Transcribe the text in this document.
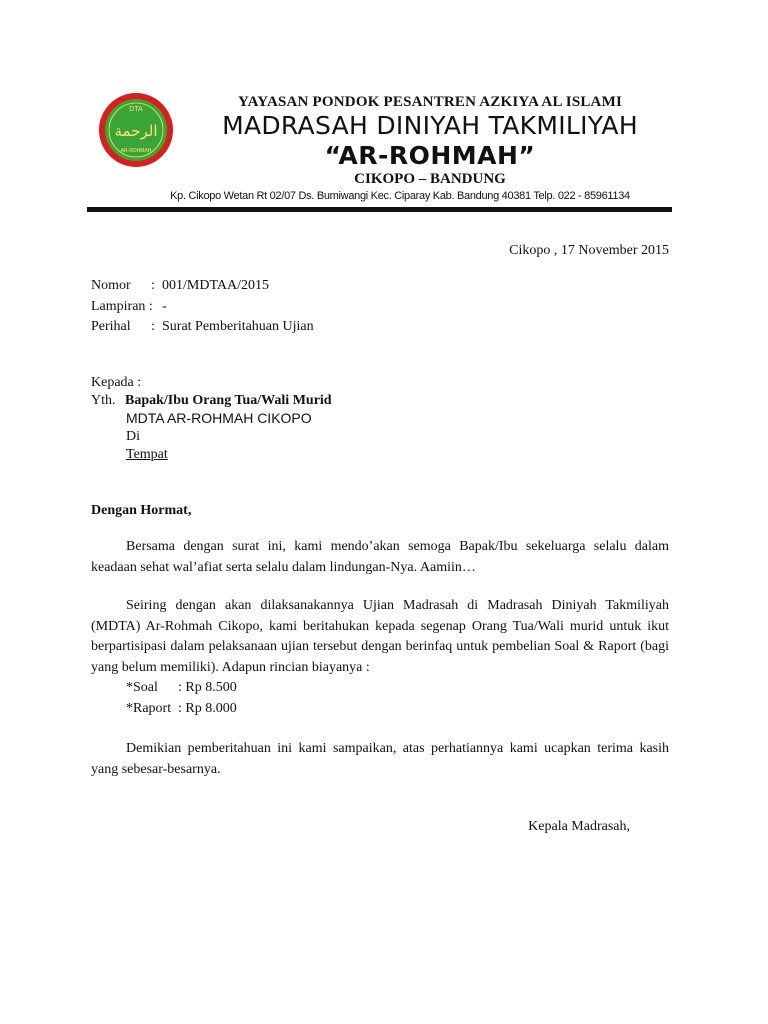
DTA
الرحمة
AR-ROHMAH
YAYASAN PONDOK PESANTREN AZKIYA AL ISLAMI
MADRASAH DINIYAH TAKMILIYAH
“AR-ROHMAH”
CIKOPO – BANDUNG
Kp. Cikopo Wetan Rt 02/07 Ds. Bumiwangi Kec. Ciparay Kab. Bandung 40381 Telp. 022 - 85961134
Cikopo , 17 November 2015
Nomor : 001/MDTAA/2015
Lampiran : -
Perihal : Surat Pemberitahuan Ujian
Kepada :
Yth. Bapak/Ibu Orang Tua/Wali Murid
MDTA AR-ROHMAH CIKOPO
Di
Tempat
Dengan Hormat,
Bersama dengan surat ini, kami mendo’akan semoga Bapak/Ibu sekeluarga selalu dalam keadaan sehat wal’afiat serta selalu dalam lindungan-Nya. Aamiin…
Seiring dengan akan dilaksanakannya Ujian Madrasah di Madrasah Diniyah Takmiliyah (MDTA) Ar-Rohmah Cikopo, kami beritahukan kepada segenap Orang Tua/Wali murid untuk ikut berpartisipasi dalam pelaksanaan ujian tersebut dengan berinfaq untuk pembelian Soal & Raport (bagi yang belum memiliki). Adapun rincian biayanya :
*Soal	: Rp 8.500
*Raport : Rp 8.000
Demikian pemberitahuan ini kami sampaikan, atas perhatiannya kami ucapkan terima kasih yang sebesar-besarnya.
Kepala Madrasah,
